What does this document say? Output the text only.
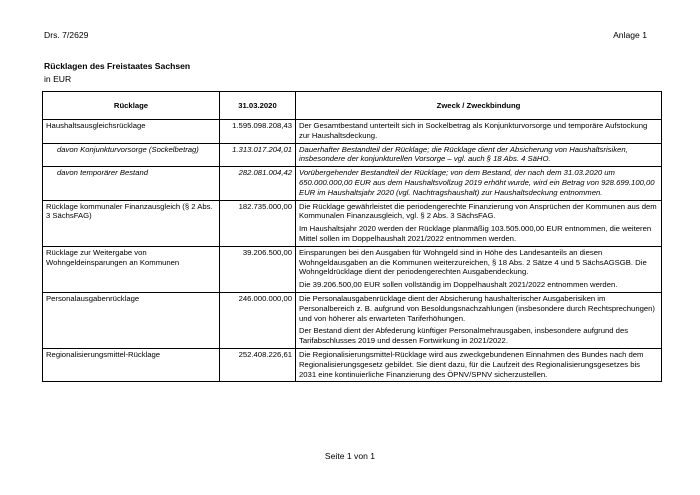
Drs. 7/2629	Anlage 1
Rücklagen des Freistaates Sachsen
in EUR
Rücklage	31.03.2020	Zweck / Zweckbindung
Haushaltsausgleichsrücklage	1.595.098.208,43	Der Gesamtbestand unterteilt sich in Sockelbetrag als Konjunkturvorsorge und temporäre Aufstockung zur Haushaltsdeckung.

davon Konjunkturvorsorge (Sockelbetrag)	1.313.017.204,01	Dauerhafter Bestandteil der Rücklage; die Rücklage dient der Absicherung von Haushaltsrisiken, insbesondere der konjunkturellen Vorsorge – vgl. auch § 18 Abs. 4 SäHO.

davon temporärer Bestand	282.081.004,42	Vorübergehender Bestandteil der Rücklage; von dem Bestand, der nach dem 31.03.2020 um 650.000.000,00 EUR aus dem Haushaltsvollzug 2019 erhöht wurde, wird ein Betrag von 928.699.100,00 EUR im Haushaltsjahr 2020 (vgl. Nachtragshaushalt) zur Haushaltsdeckung entnommen.

Rücklage kommunaler Finanzausgleich (§ 2 Abs. 3 SächsFAG)	182.735.000,00	Die Rücklage gewährleistet die periodengerechte Finanzierung von Ansprüchen der Kommunen aus dem Kommunalen Finanzausgleich, vgl. § 2 Abs. 3 SächsFAG.

Im Haushaltsjahr 2020 werden der Rücklage planmäßig 103.505.000,00 EUR entnommen, die weiteren Mittel sollen im Doppelhaushalt 2021/2022 entnommen werden.

Rücklage zur Weitergabe von Wohngeldeinsparungen an Kommunen	39.206.500,00	Einsparungen bei den Ausgaben für Wohngeld sind in Höhe des Landesanteils an diesen Wohngeldausgaben an die Kommunen weiterzureichen, § 18 Abs. 2 Sätze 4 und 5 SächsAGSGB. Die Wohngeldrücklage dient der periodengerechten Ausgabendeckung.

Die 39.206.500,00 EUR sollen vollständig im Doppelhaushalt 2021/2022 entnommen werden.

Personalausgabenrücklage	246.000.000,00	Die Personalausgabenrücklage dient der Absicherung haushalterischer Ausgaberisiken im Personalbereich z. B. aufgrund von Besoldungsnachzahlungen (insbesondere durch Rechtsprechungen) und von höherer als erwarteten Tariferhöhungen.

Der Bestand dient der Abfederung künftiger Personalmehrausgaben, insbesondere aufgrund des Tarifabschlusses 2019 und dessen Fortwirkung in 2021/2022.

Regionalisierungsmittel-Rücklage	252.408.226,61	Die Regionalisierungsmittel-Rücklage wird aus zweckgebundenen Einnahmen des Bundes nach dem Regionalisierungsgesetz gebildet. Sie dient dazu, für die Laufzeit des Regionalisierungsgesetzes bis 2031 eine kontinuierliche Finanzierung des ÖPNV/SPNV sicherzustellen.

Seite 1 von 1
